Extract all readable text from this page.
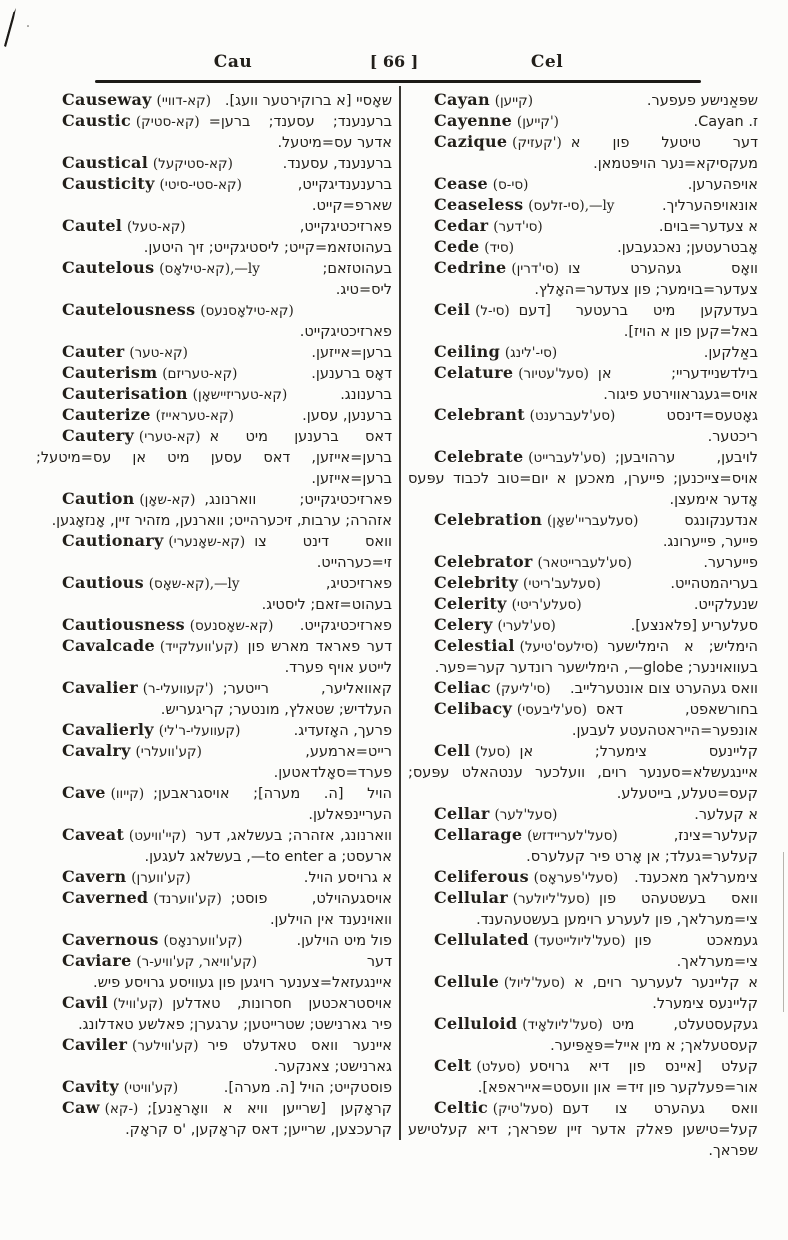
Cau	[ 66 ]	Cel
Causeway (קא-דוויי) שאָסיי [א ברוקירטער וועג].
Caustic (קא-סטיק) ברענענד; עסענד; ברען= אדער עס=מיטעל.
Caustical (קא-סטיקעל)	ברענענד, עסענד.
Causticity (קא-סטי-סיטי)	ברענענדיגקייט, שארפ=קייט.
Cautel (קא-טעל)	פארזיכטיגקייט, בעהוטזאמ=קייט; ליסטיגקייט; זיך היטען.
Cautelous (קא-טילאָס),—ly	בעהוטזאם; ליס=טיג.
Cautelousness (קא-טילאָסנעס)
פארזיכטיגקייט.
Cauter (קא-טער)	ברען=אייזען.
Cauterism (קא-טעריזם)	דאָס ברענען.
Cauterisation (קא-טעריזיישאָן)	ברענונג.
Cauterize (קא-טעראייז)	ברענען, עסען.
Cautery (קא-טערי) דאס ברענען מיט א ברען=אייזען, דאס עסען מיט אן עס=מיטעל; ברען=אייזען.
Caution (קא-שאָן) פארזיכטיגקייט; ווארנונג, אזהרה; ערבות, זיכערהייט; ווארנען, מזהיר זיין, אָנזאָגען.
Cautionary (קא-שאָנערי) וואס דינט צו זי=כערהייט.
Cautious (קא-שאָס),—ly	פארזיכטיג, בעהוט=זאם; ליסטיג.
Cautiousness (קא-שאָסנעס) פארזיכטיגקייט.
Cavalcade (קע'וועלקייד) דער פאראד מארש פון לייטע אויף פערד.
Cavalier (קעוועלי-ר') קאוואליער, רייטער; העלדיש; שטאלץ, מונטער; קריגעריש.
Cavalierly (קעוועלי-ר'לי)	פרעך, האָזעדיג.
Cavalry (קע'וועלרי)	רייט=ארמעע, פערד=סאָלדאטען.
Cave (קייוו) הויל [ה. מערה]; אויסגראבען; העריינפאלען.
Caveat (קיי'וויעט) ווארנונג, אזהרה; בעשלאג, דער ארעסט; to enter a—, בעשלאג לעגען.
Cavern (קע'ווערן)	א גרויסע הויל.
Caverned (קע'ווערנד) אויסגעהוילט, פוסט; וואוינענד אין הוילען.
Cavernous (קע'ווערנאָס)	פול מיט הוילען.
Caviare (קע'וויאר, קע'וויע-ר)	דער איינגעזאל=צענער רויגען פון געוויסע גרויסע פיש.
Cavil (קע'וויל) אויסטראכטען חסרונות, טאדלען פיר גארנישט; שטרייטען; ערגערן; פאלשע טאדלונג.
Caviler (קע'ווילער) איינער וואס טאדעלט פיר גארנישט; צאנקער.
Cavity (קע'וויטי)	פוסטקייט; הויל [ה. מערה].
Caw (קא-) קראָקען [שרייען וויא א וואָראַנע]; קרעכצען, שרייען; דאס קראָקען, 'ס קראָק.
Cayan (קייען)	שפּאַנישע פעפער.
Cayenne (קייען')	ז. Cayan.
Cazique (קעזיק') דער טיטעל פון א מעקסיקא=נער הויפּטמאן.
Cease (סי-ס)	אויפהערען.
Ceaseless (סי-זלעס),—ly	אונאויפהערליך.
Cedar (סי'דער)	א צעדער=בוים.
Cede (סיד)	אָבטרעטען; נאכגעבען.
Cedrine (סי'דרין) וואָס געהערט צו צעדער=בוימער; פון צעדער=האָלץ.
Ceil (סי-ל) בעדעקען מיט ברעטער [דעם באל=קען פון א הויז].
Ceiling (סי-'לינג)	באַלקען.
Celature (סעל'עטיור) בילדשניידעריי; אן אויס=געגראווירטע פיגור.
Celebrant (סע'לעברענט)	גאָטעס=דינסט ריכטער.
Celebrate (סע'לעברייט) לויבען, ערהויבען; אויס=צייכנען; פייערן, מאכען א יום=טוב לכבוד עפּעס אָדער אימעצן.
Celebration (סעלעבריי'שאָן)	אנדענקונגס פייער, פייערונג.
Celebrator (סע'לעברייטאר)	פייערער.
Celebrity (סעלעב'ריטי)	בעריהמטהייט.
Celerity (סעלע'ריטי)	שנעלקייט.
Celery (סע'לערי)	סעלעריע [פלאנצע].
Celestial (סילעס'טיעל) הימליש; א הימלישער בעוואוינער; globe—, הימלישער רונדער קער=פער.
Celiac (סי'ליעק) וואס געהערט צום אונטערלייב.
Celibacy (סע'ליבעסי) בחורשאפט, דאס אונפער=הייראטהעטע לעבען.
Cell (סעל) קליינעס צימערל; אן איינגעשלא=סענער רוים, וועלכער ענטהאלט עפּעס; קעס=טעלע, בייטעלע.
Cellar (סעל'לער)	א קעלער.
Cellarage (סעל'לעריידזש)	קעלער=צינז, קעלער=געלד; אן אָרט פיר קעלערס.
Celiferous (סעלי'פעראָס) צימערלאך מאכענד.
Cellular (סעל'ליולער) וואס בעשטעהט פון צי=מערלאך, פון לעערע רוימען בעשטעהענד.
Cellulated (סעל'ליולייטעד) געמאכט פון צי=מערלאך.
Cellule (סעל'ליול) א קליינער לעערער רוים, א קליינעס צימערל.
Celluloid (סעל'ליולאָיד) געקעסטעלט, מיט קעסטעלאך; א מין אייל=פּאַפּיער.
Celt (סעלט) קעלט [איינס פון דיא גרויסע אור=פעלקער פון זיד= און וועסט=אייראפא].
Celtic (סעל'טיק) וואס געהערט צו דעם קעל=טישען פאלק אדער זיין שפראך; דיא קעלטישע שפראך.
